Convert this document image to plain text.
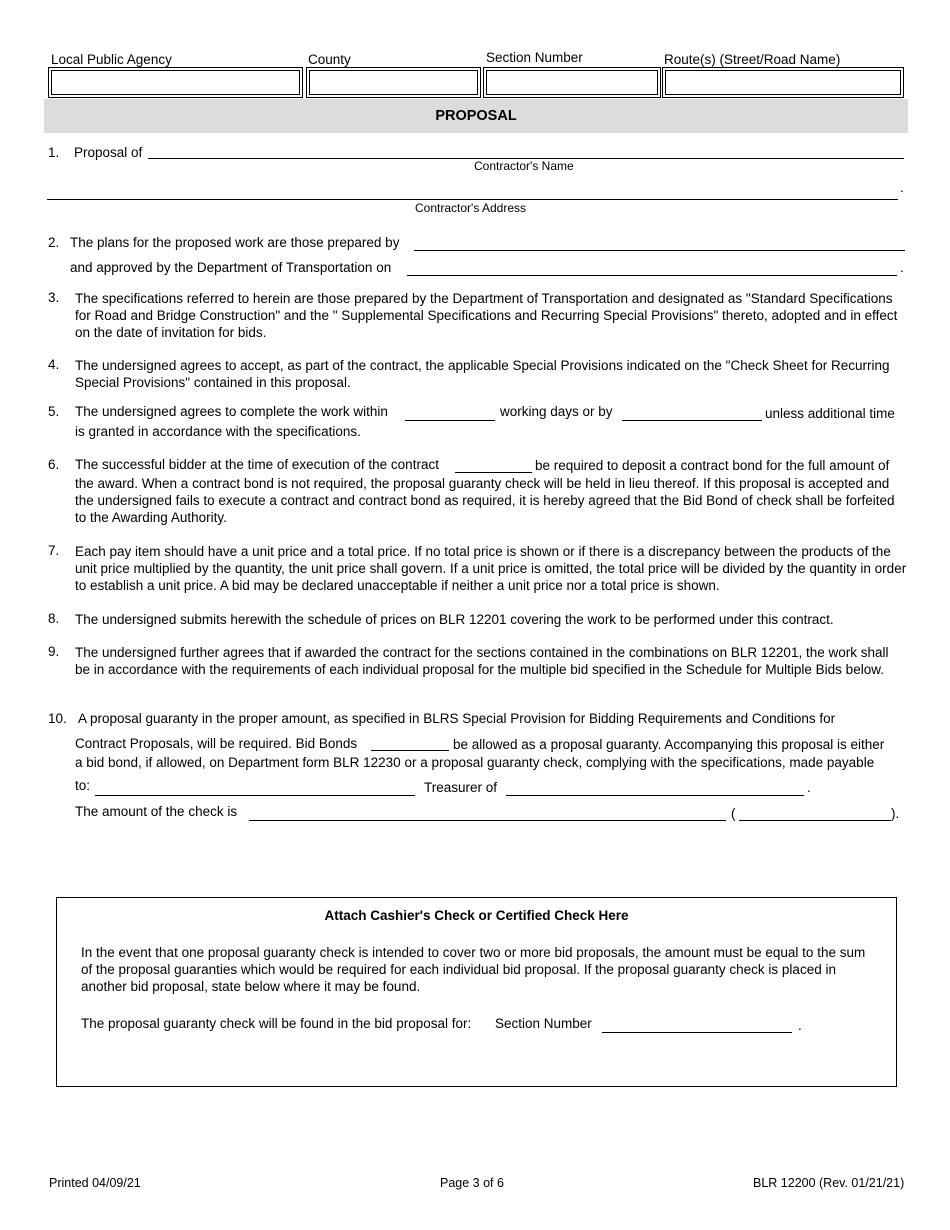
Local Public Agency	County	Section Number	Route(s) (Street/Road Name)
PROPOSAL
1. Proposal of
Contractor's Name
.
Contractor's Address
2. The plans for the proposed work are those prepared by
and approved by the Department of Transportation on	.
3. The specifications referred to herein are those prepared by the Department of Transportation and designated as "Standard Specifications for Road and Bridge Construction" and the " Supplemental Specifications and Recurring Special Provisions" thereto, adopted and in effect on the date of invitation for bids.
4. The undersigned agrees to accept, as part of the contract, the applicable Special Provisions indicated on the "Check Sheet for Recurring Special Provisions" contained in this proposal.
5. The undersigned agrees to complete the work within	working days or by	unless additional time
is granted in accordance with the specifications.
6. The successful bidder at the time of execution of the contract	be required to deposit a contract bond for the full amount of
the award. When a contract bond is not required, the proposal guaranty check will be held in lieu thereof. If this proposal is accepted and the undersigned fails to execute a contract and contract bond as required, it is hereby agreed that the Bid Bond of check shall be forfeited to the Awarding Authority.
7. Each pay item should have a unit price and a total price. If no total price is shown or if there is a discrepancy between the products of the unit price multiplied by the quantity, the unit price shall govern. If a unit price is omitted, the total price will be divided by the quantity in order to establish a unit price. A bid may be declared unacceptable if neither a unit price nor a total price is shown.
8. The undersigned submits herewith the schedule of prices on BLR 12201 covering the work to be performed under this contract.
9. The undersigned further agrees that if awarded the contract for the sections contained in the combinations on BLR 12201, the work shall be in accordance with the requirements of each individual proposal for the multiple bid specified in the Schedule for Multiple Bids below.
10. A proposal guaranty in the proper amount, as specified in BLRS Special Provision for Bidding Requirements and Conditions for
Contract Proposals, will be required. Bid Bonds	be allowed as a proposal guaranty. Accompanying this proposal is either
a bid bond, if allowed, on Department form BLR 12230 or a proposal guaranty check, complying with the specifications, made payable
to:	Treasurer of	.
The amount of the check is	(	).
Attach Cashier's Check or Certified Check Here
In the event that one proposal guaranty check is intended to cover two or more bid proposals, the amount must be equal to the sum of the proposal guaranties which would be required for each individual bid proposal. If the proposal guaranty check is placed in another bid proposal, state below where it may be found.
The proposal guaranty check will be found in the bid proposal for: Section Number	.
Printed 04/09/21	Page 3 of 6	BLR 12200 (Rev. 01/21/21)
